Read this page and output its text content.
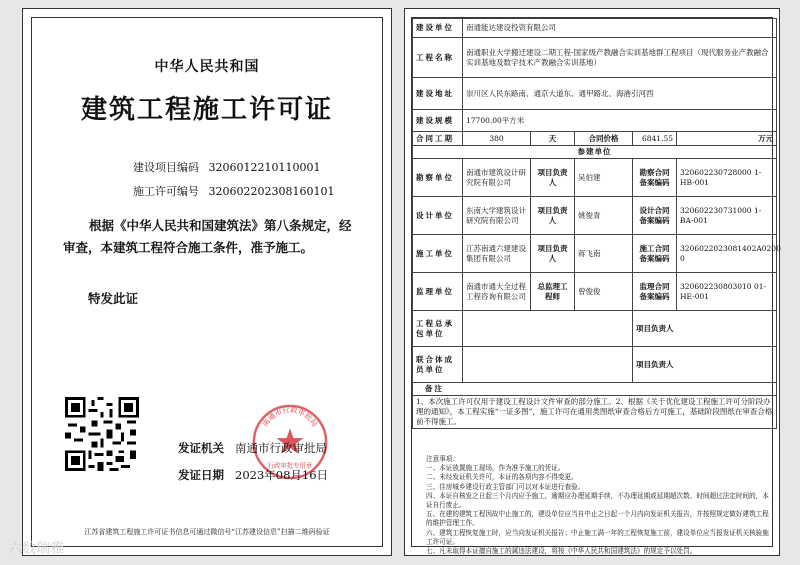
中华人民共和国
建筑工程施工许可证
建设项目编码 3206012210110001
施工许可编号 320602202308160101
根据《中华人民共和国建筑法》第八条规定，经审查，本建筑工程符合施工条件，准予施工。
特发此证
南通市行政审批局
行政审批专用章
发证机关 南通市行政审批局
发证日期 2023年08月16日
江苏省建筑工程施工许可证书信息可通过微信号“江苏建设信息”扫描二维码验证
建设单位	南通能达建设投资有限公司				
工程名称	南通职业大学搬迁建设二期工程-国家级产教融合实训基地群工程项目（现代服务业产教融合实训基地及数字技术产教融合实训基地）				
建设地址	崇川区人民东路南、通京大道东、通甲路北、海港引河西				
建设规模	17700.00平方米				
合同工期	380	天	合同价格	6841.55	万元
参建单位					
勘察单位	南通市建筑设计研究院有限公司	项目负责人	吴伯建	勘察合同备案编码	320602230728000 1-HB-001
设计单位	东南大学建筑设计研究院有限公司	项目负责人	姚俊青	设计合同备案编码	320602230731000 1-BA-001
施工单位	江苏南通六建建设集团有限公司	项目负责人	蒋飞南	施工合同备案编码	3206022023081402A0200 0
监理单位	南通市通大全过程工程咨询有限公司	总监理工程师	曾俊俊	监理合同备案编码	320602230803010 01-HE-001
工程总承包单位				项目负责人	
联合体成员单位				项目负责人	
备注					
1、本次施工许可仅用于建设工程设计文件审查的部分施工。2、根据《关于优化建设工程施工许可分阶段办理的通知》，本工程实施“一证多图”，施工许可在通用类图纸审查合格后方可施工，基础阶段图纸在审查合格前不得施工。					
注意事项：
一、本证放置施工现场，作为准予施工的凭证。
二、未经发证机关许可，本证的各项内容不得变更。
三、住房城乡建设行政主管部门可以对本证进行查验。
四、本证自核发之日起三个月内应予施工，逾期应办理延期手续，不办理延期或延期超次数、时间超过法定时间的，本证自行废止。
五、在建的建筑工程因故中止施工的，建设单位应当自中止之日起一个月内向发证机关报告，并按照规定做好建筑工程的维护管理工作。
六、建筑工程恢复施工时，应当向发证机关报告；中止施工满一年的工程恢复施工前，建设单位应当报发证机关核验施工许可证。
七、凡未取得本证擅自施工的属违法建设，将按《中华人民共和国建筑法》的规定予以处罚。
六数瑞雅
